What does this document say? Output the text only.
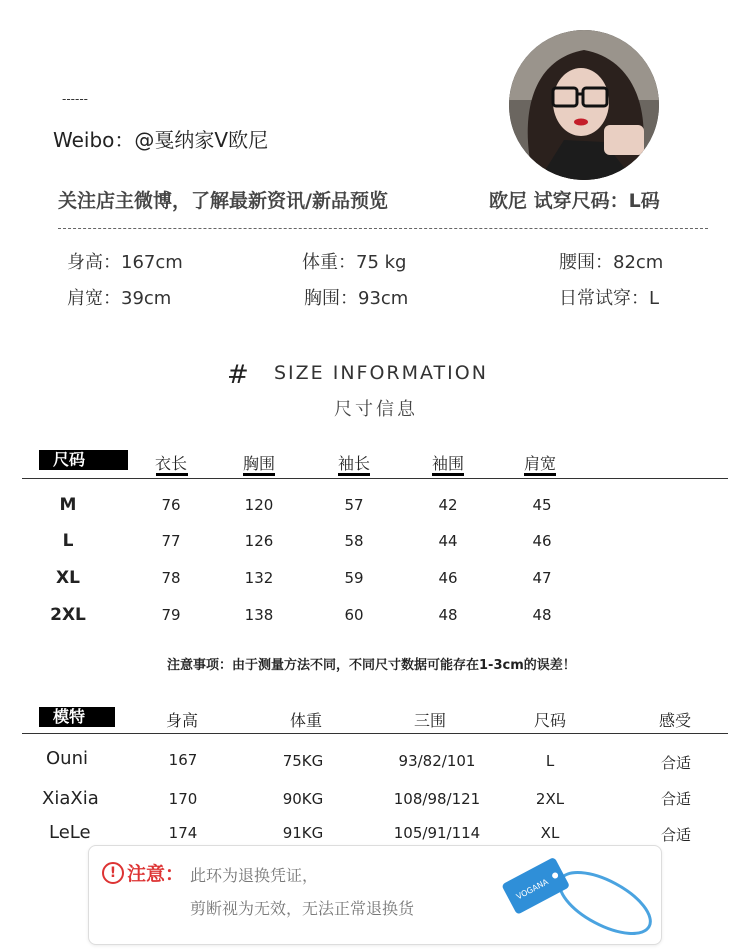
------
Weibo：@戛纳家V欧尼
关注店主微博，了解最新资讯/新品预览	欧尼 试穿尺码：L码
身高：167cm	体重：75 kg	腰围：82cm
肩宽：39cm	胸围：93cm	日常试穿：L
# SIZE INFORMATION
尺寸信息
尺码	衣长	胸围	袖长	袖围	肩宽
M	76	120	57	42	45
L	77	126	58	44	46
XL	78	132	59	46	47
2XL	79	138	60	48	48
注意事项：由于测量方法不同，不同尺寸数据可能存在1-3cm的误差！
模特	身高	体重	三围	尺码	感受
Ouni	167	75KG	93/82/101	L	合适
XiaXia	170	90KG	108/98/121	2XL	合适
LeLe	174	91KG	105/91/114	XL	合适
! 注意： 此环为退换凭证，
剪断视为无效，无法正常退换货
VOGANA
